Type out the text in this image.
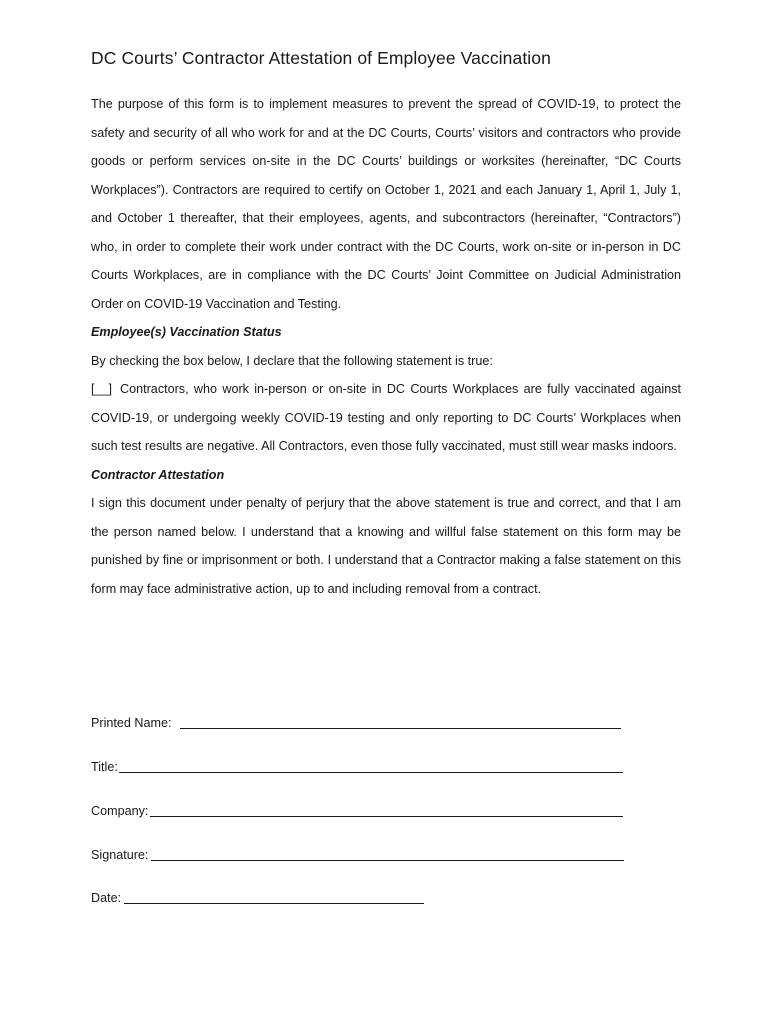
DC Courts’ Contractor Attestation of Employee Vaccination

The purpose of this form is to implement measures to prevent the spread of COVID-19, to protect the safety and security of all who work for and at the DC Courts, Courts’ visitors and contractors who provide goods or perform services on-site in the DC Courts’ buildings or worksites (hereinafter, “DC Courts Workplaces”). Contractors are required to certify on October 1, 2021 and each January 1, April 1, July 1, and October 1 thereafter, that their employees, agents, and subcontractors (hereinafter, “Contractors”) who, in order to complete their work under contract with the DC Courts, work on-site or in-person in DC Courts Workplaces, are in compliance with the DC Courts’ Joint Committee on Judicial Administration Order on COVID-19 Vaccination and Testing.

Employee(s) Vaccination Status

By checking the box below, I declare that the following statement is true:

[__] Contractors, who work in-person or on-site in DC Courts Workplaces are fully vaccinated against COVID-19, or undergoing weekly COVID-19 testing and only reporting to DC Courts’ Workplaces when such test results are negative. All Contractors, even those fully vaccinated, must still wear masks indoors.

Contractor Attestation

I sign this document under penalty of perjury that the above statement is true and correct, and that I am the person named below. I understand that a knowing and willful false statement on this form may be punished by fine or imprisonment or both. I understand that a Contractor making a false statement on this form may face administrative action, up to and including removal from a contract.

Printed Name:
Title:
Company:
Signature:
Date:
